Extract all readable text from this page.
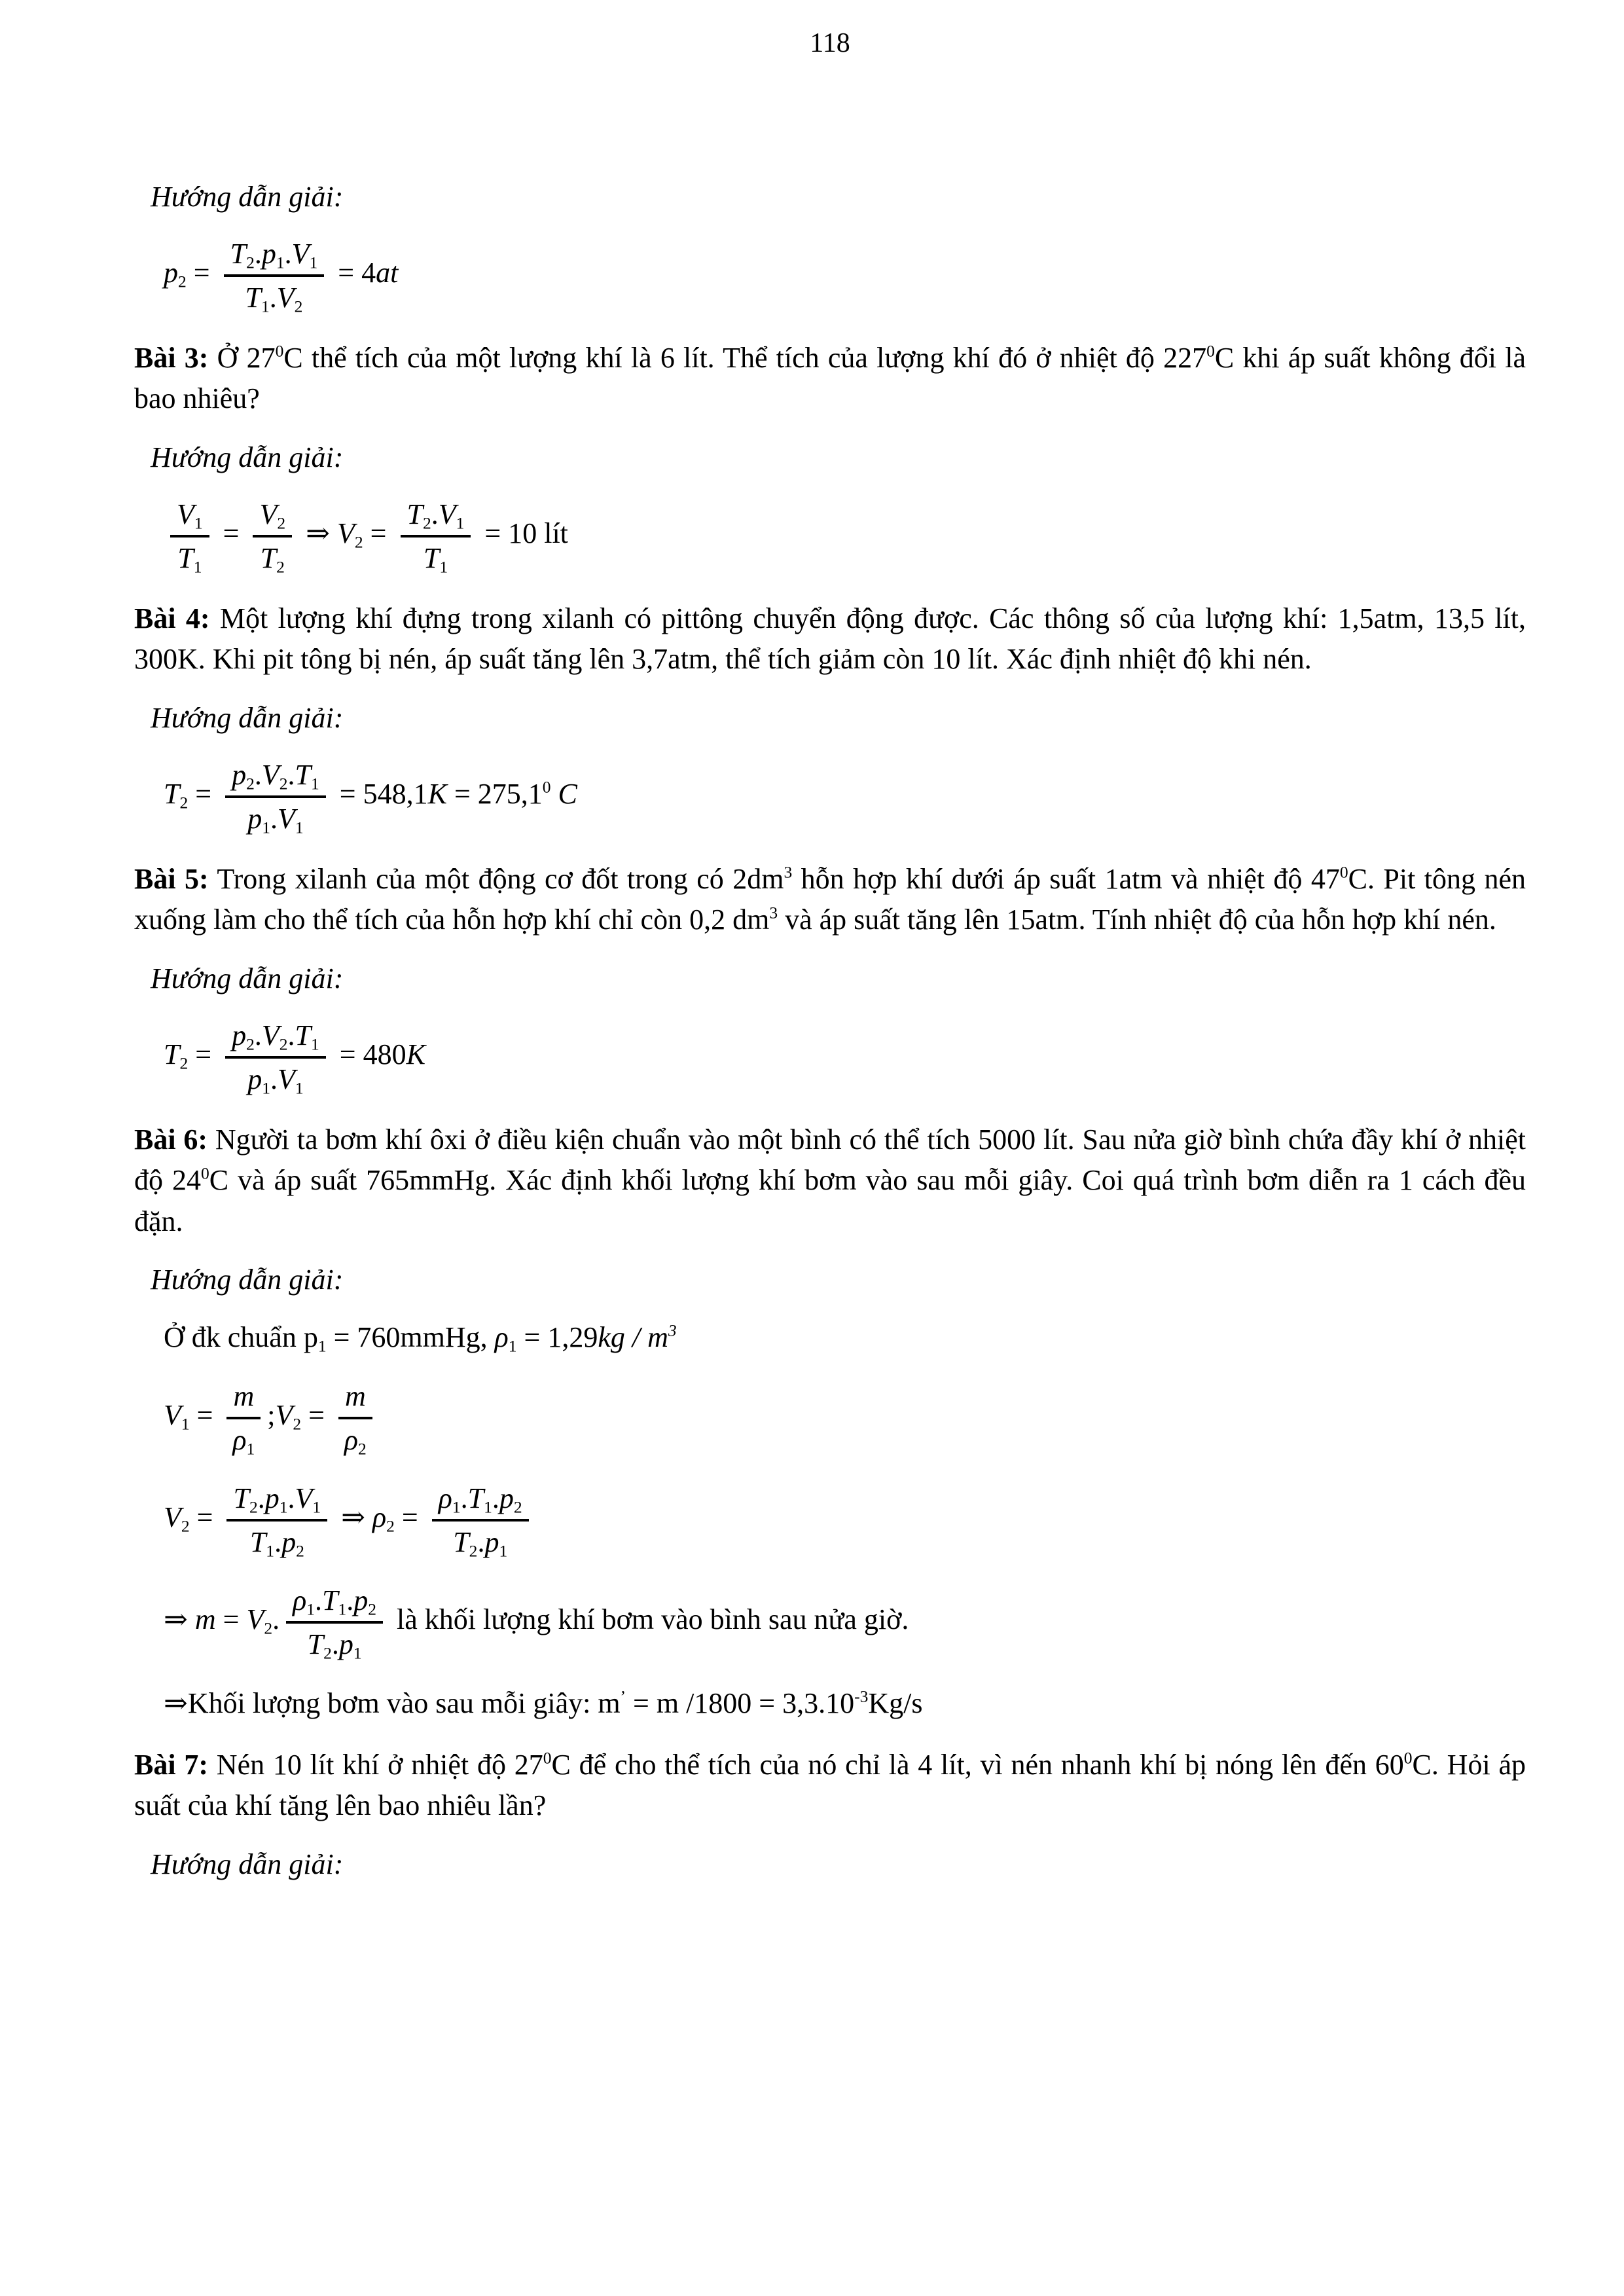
118

Hướng dẫn giải:

$p_2 = \frac{T_2.p_1.V_1}{T_1.V_2} = 4at$

Bài 3: Ở $27^0C$ thể tích của một lượng khí là 6 lít. Thể tích của lượng khí đó ở nhiệt độ $227^0C$ khi áp suất không đổi là bao nhiêu?

Hướng dẫn giải:

$\frac{V_1}{T_1} = \frac{V_2}{T_2}$ ⇒ $V_2 = \frac{T_2.V_1}{T_1} = 10$ lít

Bài 4: Một lượng khí đựng trong xilanh có pittông chuyển động được. Các thông số của lượng khí: 1,5atm, 13,5 lít, 300K. Khi pit tông bị nén, áp suất tăng lên 3,7atm, thể tích giảm còn 10 lít. Xác định nhiệt độ khi nén.

Hướng dẫn giải:

$T_2 = \frac{p_2.V_2.T_1}{p_1.V_1} = 548,1K = 275,1^0$ C

Bài 5: Trong xilanh của một động cơ đốt trong có $2dm^3$ hỗn hợp khí dưới áp suất 1atm và nhiệt độ $47^0C$. Pit tông nén xuống làm cho thể tích của hỗn hợp khí chỉ còn 0,2 $dm^3$ và áp suất tăng lên 15atm. Tính nhiệt độ của hỗn hợp khí nén.

Hướng dẫn giải:

$T_2 = \frac{p_2.V_2.T_1}{p_1.V_1} = 480K$

Bài 6: Người ta bơm khí ôxi ở điều kiện chuẩn vào một bình có thể tích 5000 lít. Sau nửa giờ bình chứa đầy khí ở nhiệt độ $24^0C$ và áp suất 765mmHg. Xác định khối lượng khí bơm vào sau mỗi giây. Coi quá trình bơm diễn ra 1 cách đều đặn.

Hướng dẫn giải:

Ở đk chuẩn $p_1$ = 760mmHg, $\rho_1 = 1,29kg / m^3$
$V_1 = \frac{m}{\rho_1}$ $;V_2 = \frac{m}{\rho_2}$
$V_2 = \frac{T_2.p_1.V_1}{T_1.p_2}$ ⇒ $\rho_2 = \frac{\rho_1.T_1.p_2}{T_2.p_1}$
⇒ $m = V_2$. $\frac{\rho_1.T_1.p_2}{T_2.p_1}$ là khối lượng khí bơm vào bình sau nửa giờ.
⇒Khối lượng bơm vào sau mỗi giây: m’ = m $/1800 = 3,3.10^{-3}Kg/s$

Bài 7: Nén 10 lít khí ở nhiệt độ $27^0C$ để cho thể tích của nó chỉ là 4 lít, vì nén nhanh khí bị nóng lên đến $60^0C$. Hỏi áp suất của khí tăng lên bao nhiêu lần?

Hướng dẫn giải:
